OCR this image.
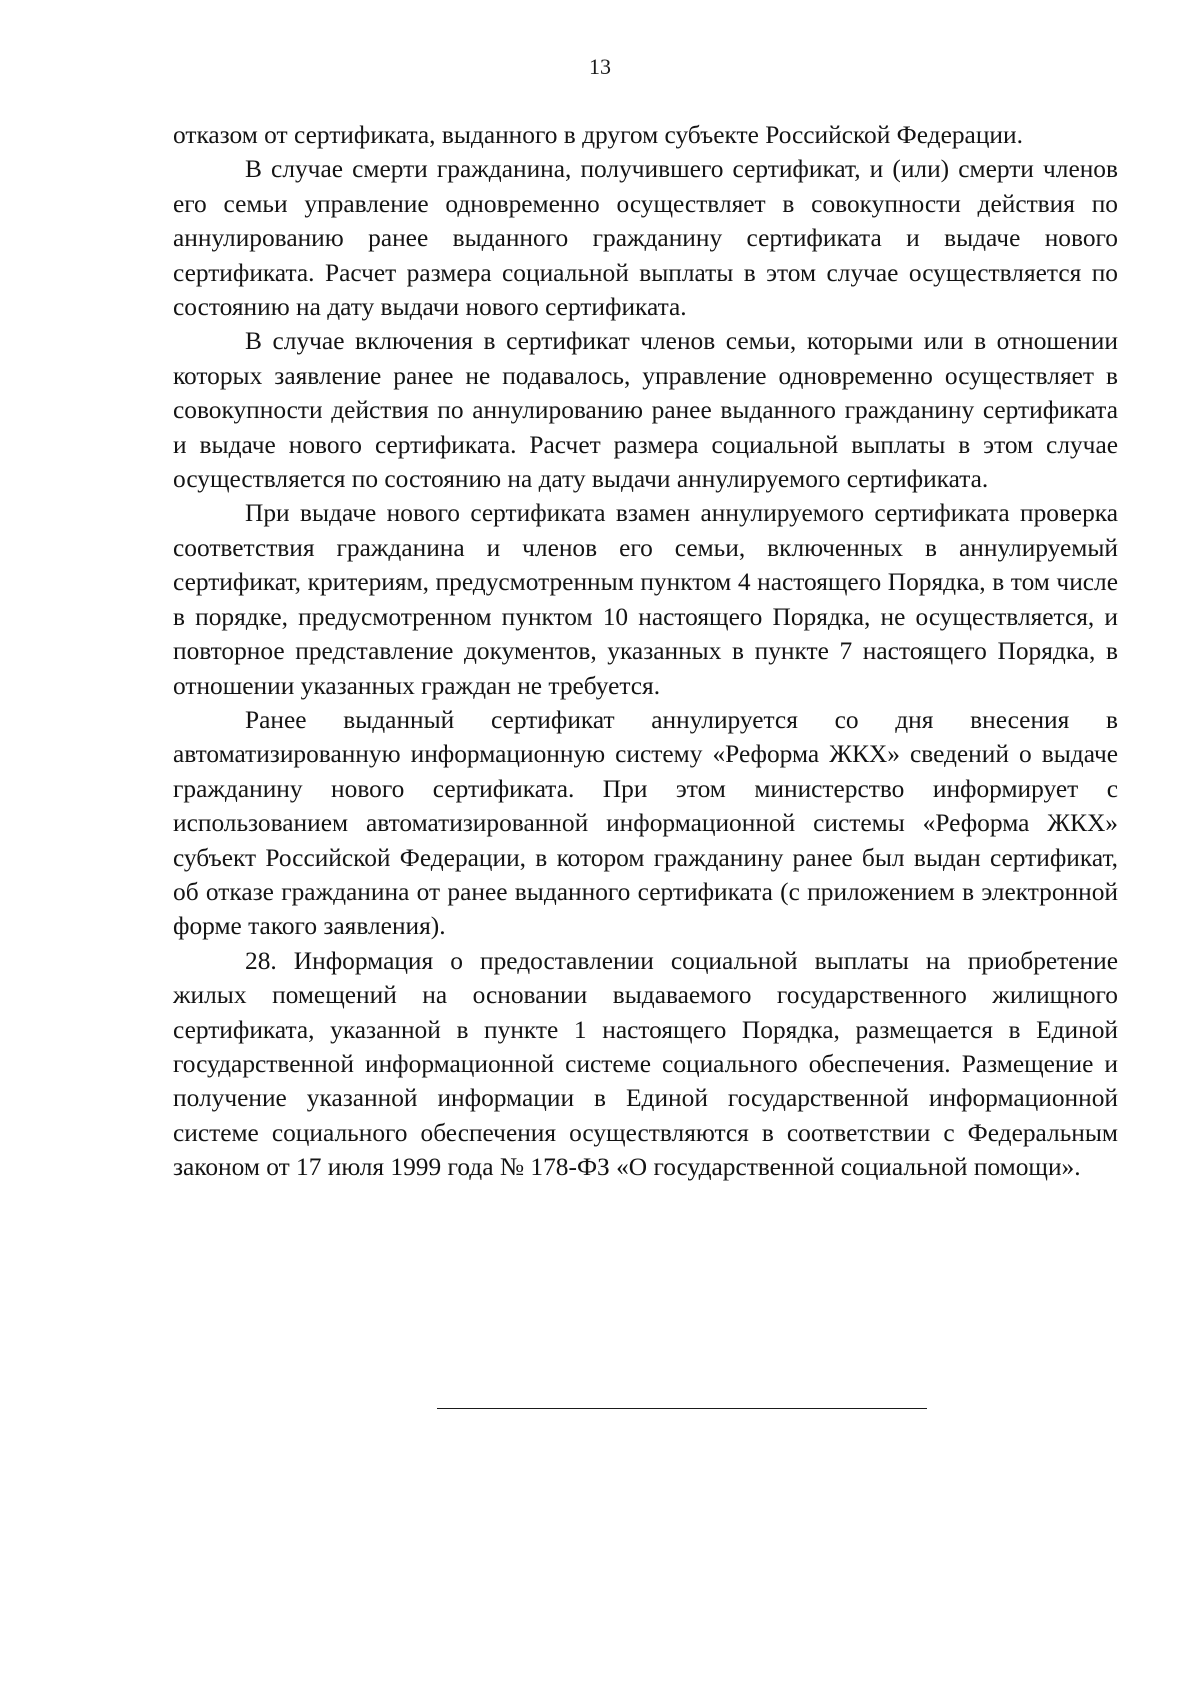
13

отказом от сертификата, выданного в другом субъекте Российской Федерации.

В случае смерти гражданина, получившего сертификат, и (или) смерти членов его семьи управление одновременно осуществляет в совокупности действия по аннулированию ранее выданного гражданину сертификата и выдаче нового сертификата. Расчет размера социальной выплаты в этом случае осуществляется по состоянию на дату выдачи нового сертификата.

В случае включения в сертификат членов семьи, которыми или в отношении которых заявление ранее не подавалось, управление одновременно осуществляет в совокупности действия по аннулированию ранее выданного гражданину сертификата и выдаче нового сертификата. Расчет размера социальной выплаты в этом случае осуществляется по состоянию на дату выдачи аннулируемого сертификата.

При выдаче нового сертификата взамен аннулируемого сертификата проверка соответствия гражданина и членов его семьи, включенных в аннулируемый сертификат, критериям, предусмотренным пунктом 4 настоящего Порядка, в том числе в порядке, предусмотренном пунктом 10 настоящего Порядка, не осуществляется, и повторное представление документов, указанных в пункте 7 настоящего Порядка, в отношении указанных граждан не требуется.

Ранее выданный сертификат аннулируется со дня внесения в автоматизированную информационную систему «Реформа ЖКХ» сведений о выдаче гражданину нового сертификата. При этом министерство информирует с использованием автоматизированной информационной системы «Реформа ЖКХ» субъект Российской Федерации, в котором гражданину ранее был выдан сертификат, об отказе гражданина от ранее выданного сертификата (с приложением в электронной форме такого заявления).

28. Информация о предоставлении социальной выплаты на приобретение жилых помещений на основании выдаваемого государственного жилищного сертификата, указанной в пункте 1 настоящего Порядка, размещается в Единой государственной информационной системе социального обеспечения. Размещение и получение указанной информации в Единой государственной информационной системе социального обеспечения осуществляются в соответствии с Федеральным законом от 17 июля 1999 года № 178-ФЗ «О государственной социальной помощи».
